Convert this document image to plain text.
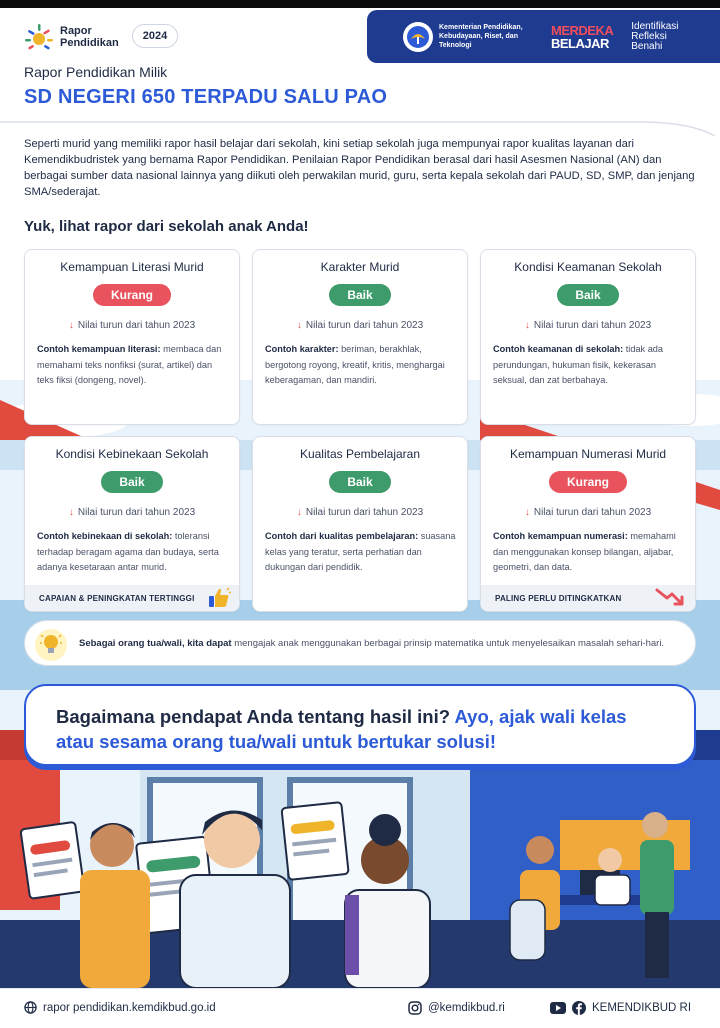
Rapor
Pendidikan
2024
Kementerian Pendidikan, Kebudayaan, Riset, dan Teknologi
MERDEKA
BELAJAR
Identifikasi
Refleksi
Benahi
Rapor Pendidikan Milik
SD NEGERI 650 TERPADU SALU PAO
Seperti murid yang memiliki rapor hasil belajar dari sekolah, kini setiap sekolah juga mempunyai rapor kualitas layanan dari Kemendikbudristek yang bernama Rapor Pendidikan. Penilaian Rapor Pendidikan berasal dari hasil Asesmen Nasional (AN) dan berbagai sumber data nasional lainnya yang diikuti oleh perwakilan murid, guru, serta kepala sekolah dari PAUD, SD, SMP, dan jenjang SMA/sederajat.
Yuk, lihat rapor dari sekolah anak Anda!
Kemampuan Literasi Murid
Kurang
↓ Nilai turun dari tahun 2023
Contoh kemampuan literasi: membaca dan memahami teks nonfiksi (surat, artikel) dan teks fiksi (dongeng, novel).
Karakter Murid
Baik
↓ Nilai turun dari tahun 2023
Contoh karakter: beriman, berakhlak, bergotong royong, kreatif, kritis, menghargai keberagaman, dan mandiri.
Kondisi Keamanan Sekolah
Baik
↓ Nilai turun dari tahun 2023
Contoh keamanan di sekolah: tidak ada perundungan, hukuman fisik, kekerasan seksual, dan zat berbahaya.
Kondisi Kebinekaan Sekolah
Baik
↓ Nilai turun dari tahun 2023
Contoh kebinekaan di sekolah: toleransi terhadap beragam agama dan budaya, serta adanya kesetaraan antar murid.
CAPAIAN & PENINGKATAN TERTINGGI
Kualitas Pembelajaran
Baik
↓ Nilai turun dari tahun 2023
Contoh dari kualitas pembelajaran: suasana kelas yang teratur, serta perhatian dan dukungan dari pendidik.
Kemampuan Numerasi Murid
Kurang
↓ Nilai turun dari tahun 2023
Contoh kemampuan numerasi: memahami dan menggunakan konsep bilangan, aljabar, geometri, dan data.
PALING PERLU DITINGKATKAN
Sebagai orang tua/wali, kita dapat mengajak anak menggunakan berbagai prinsip matematika untuk menyelesaikan masalah sehari-hari.
Bagaimana pendapat Anda tentang hasil ini? Ayo, ajak wali kelas atau sesama orang tua/wali untuk bertukar solusi!
rapor pendidikan.kemdikbud.go.id	@kemdikbud.ri	KEMENDIKBUD RI
